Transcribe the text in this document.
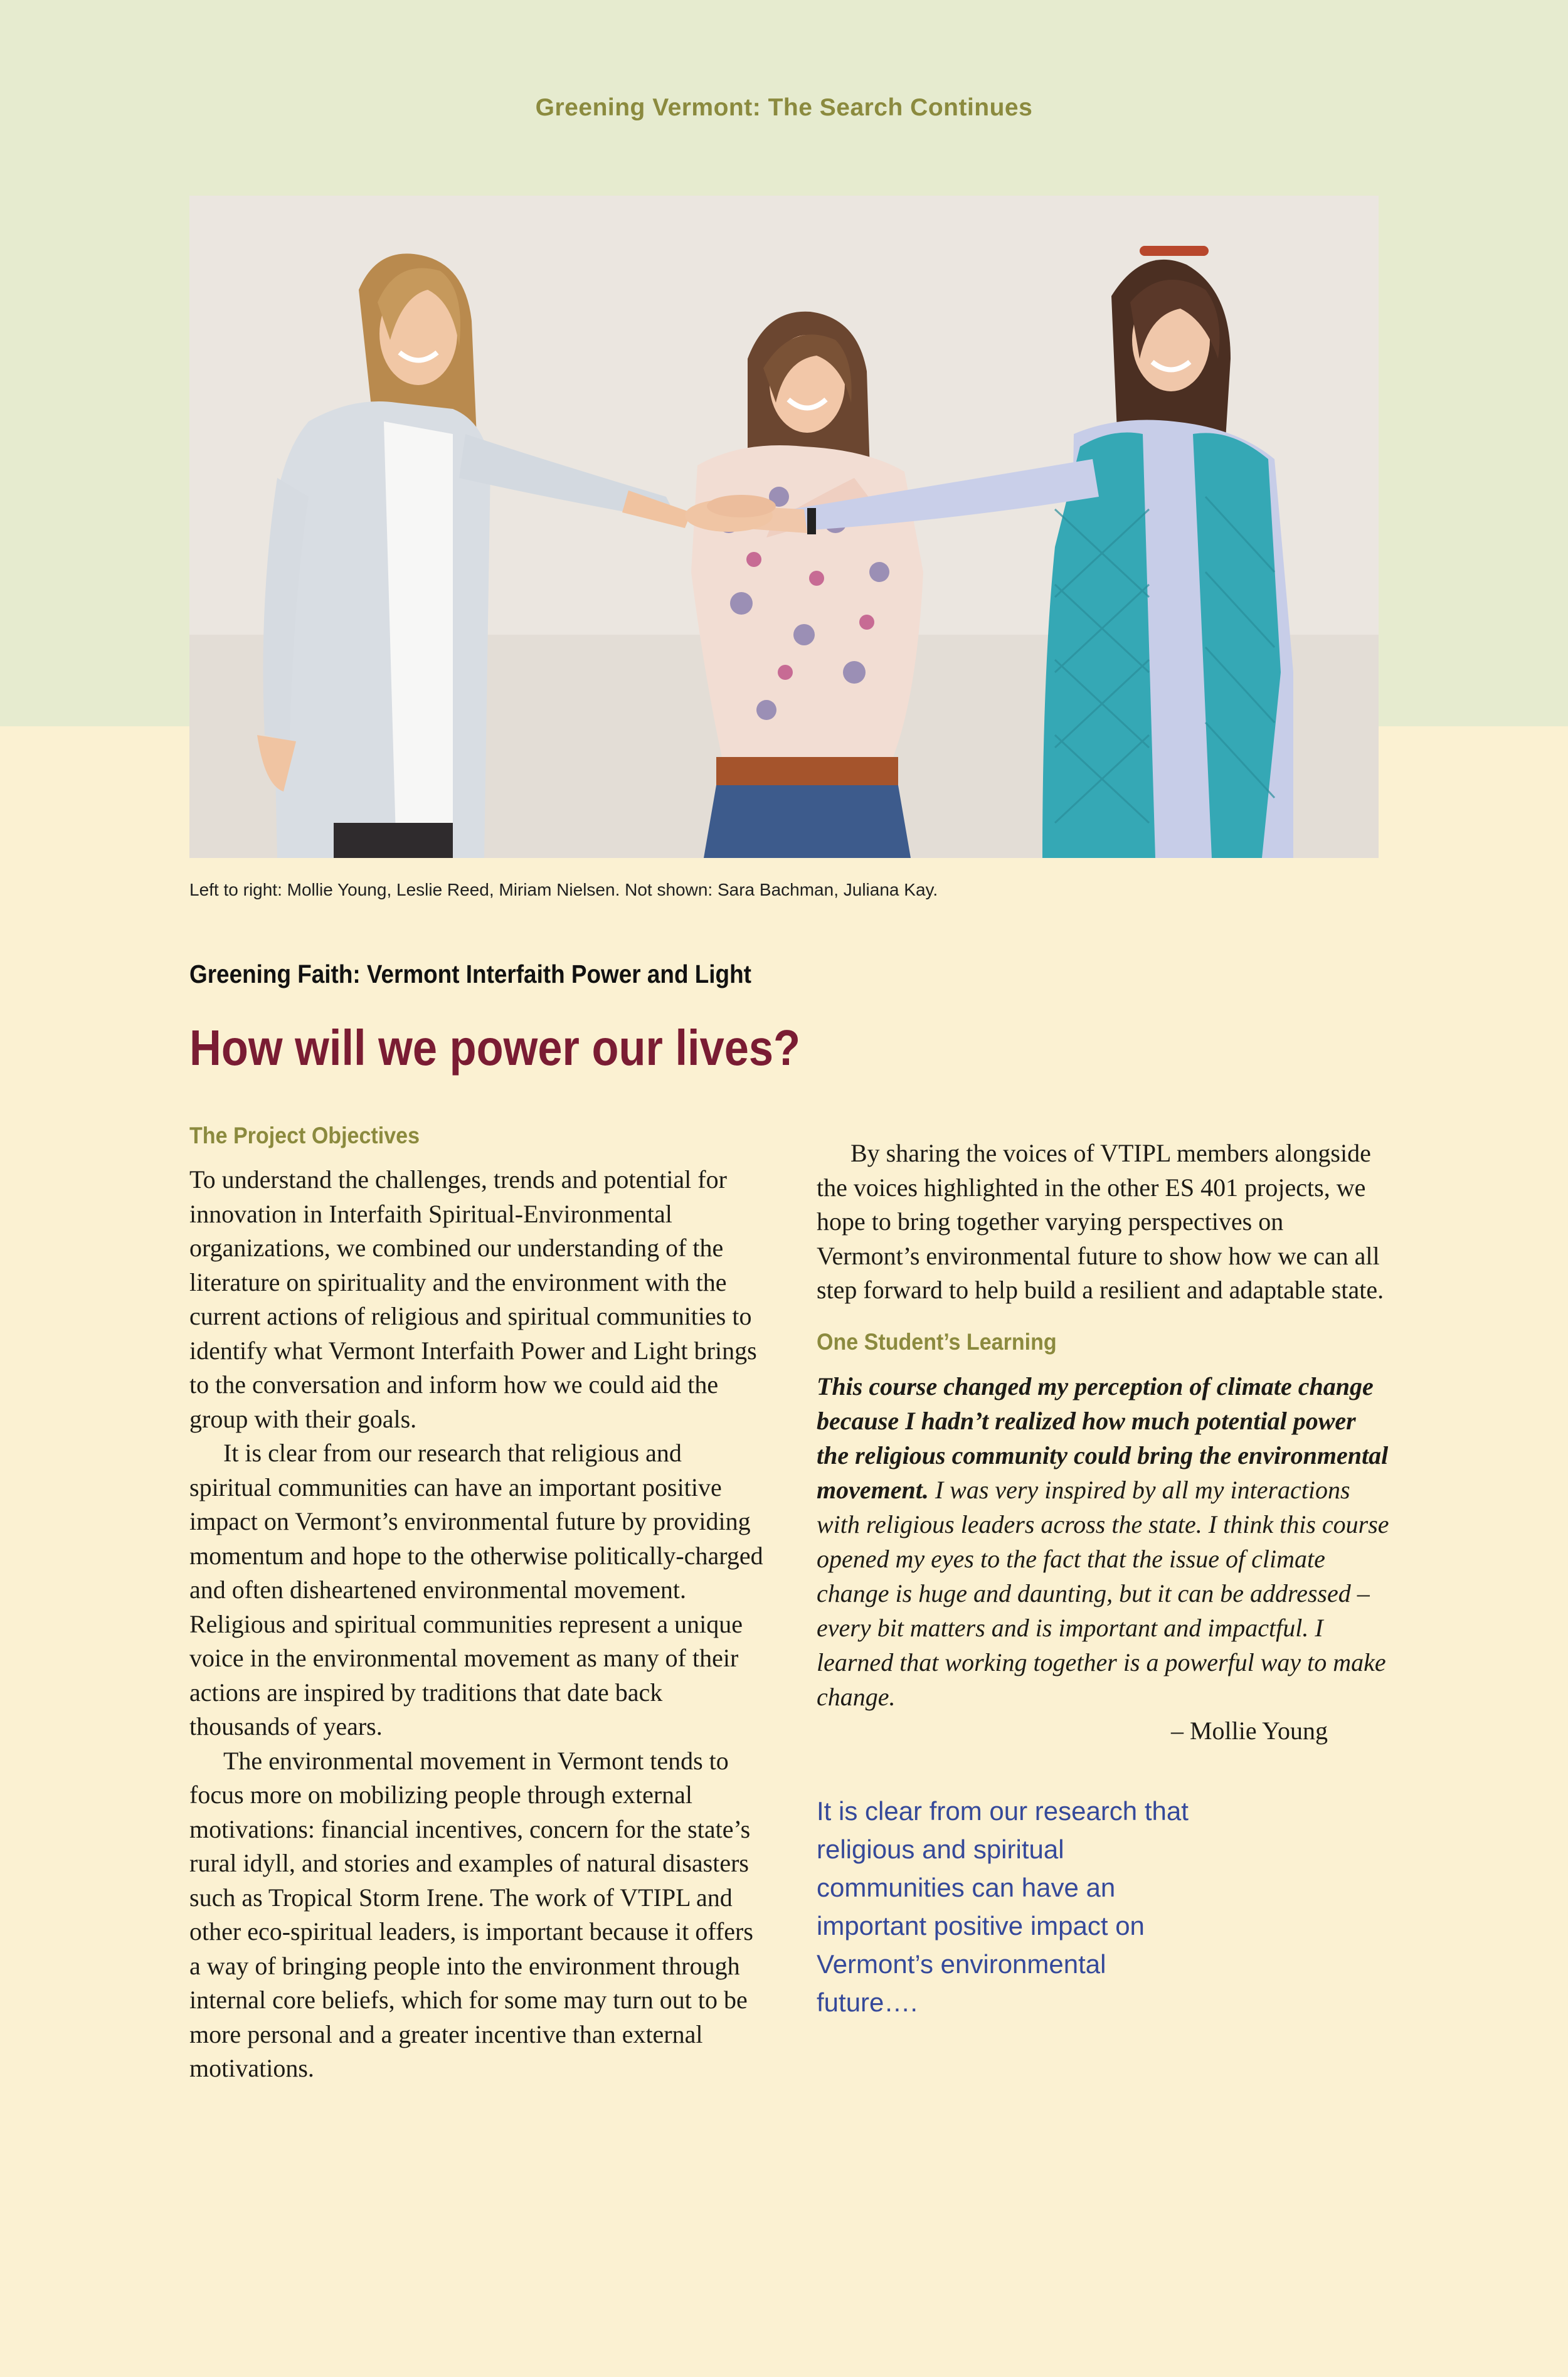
Greening Vermont: The Search Continues
Left to right: Mollie Young, Leslie Reed, Miriam Nielsen. Not shown: Sara Bachman, Juliana Kay.
Greening Faith: Vermont Interfaith Power and Light
How will we power our lives?
The Project Objectives

To understand the challenges, trends and potential for innovation in Interfaith Spiritual-Environmental organizations, we combined our understanding of the literature on spirituality and the environment with the current actions of religious and spiritual communities to identify what Vermont Interfaith Power and Light brings to the conversation and inform how we could aid the group with their goals.

It is clear from our research that religious and spiritual communities can have an important positive impact on Vermont’s environmental future by providing momentum and hope to the otherwise politically-charged and often disheartened environmental movement. Religious and spiritual communities represent a unique voice in the environmental movement as many of their actions are inspired by traditions that date back thousands of years.

The environmental movement in Vermont tends to focus more on mobilizing people through external motivations: financial incentives, concern for the state’s rural idyll, and stories and examples of natural disasters such as Tropical Storm Irene. The work of VTIPL and other eco-spiritual leaders, is important because it offers a way of bringing people into the environment through internal core beliefs, which for some may turn out to be more personal and a greater incentive than external motivations.

By sharing the voices of VTIPL members alongside the voices highlighted in the other ES 401 projects, we hope to bring together varying perspectives on Vermont’s environmental future to show how we can all step forward to help build a resilient and adaptable state.

One Student’s Learning

This course changed my perception of climate change because I hadn’t realized how much potential power the religious community could bring the environmental movement. I was very inspired by all my interactions with religious leaders across the state. I think this course opened my eyes to the fact that the issue of climate change is huge and daunting, but it can be addressed – every bit matters and is important and impactful. I learned that working together is a powerful way to make change.

– Mollie Young

It is clear from our research that religious and spiritual communities can have an important positive impact on Vermont’s environmental future….
